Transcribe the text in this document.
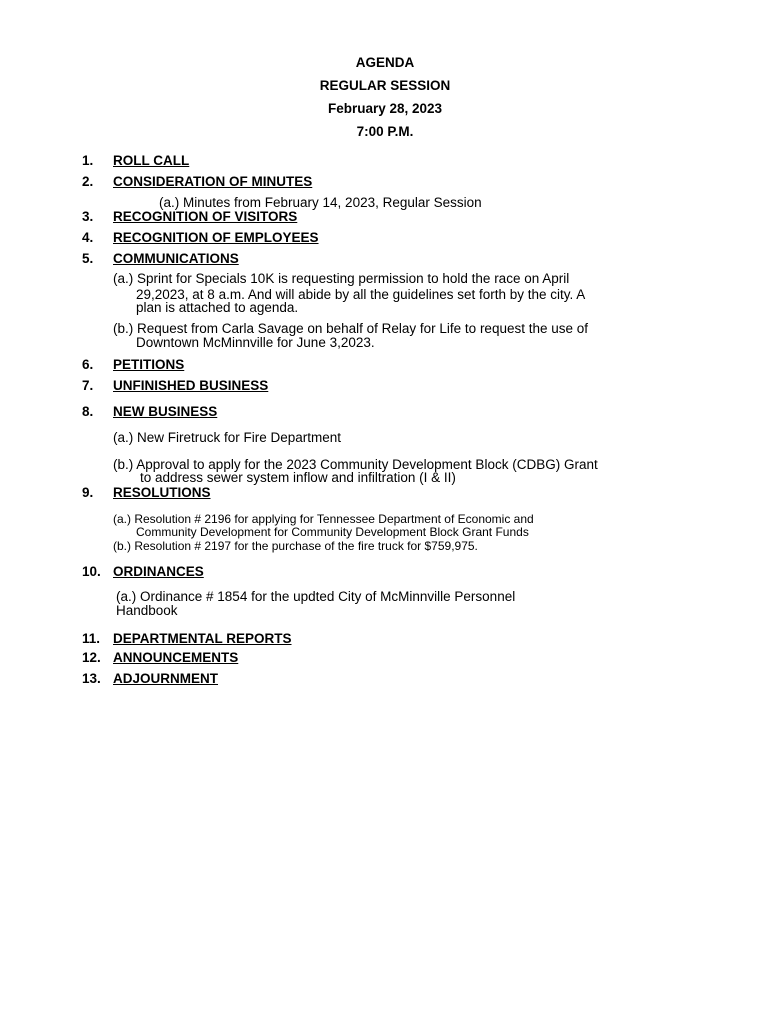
AGENDA
REGULAR SESSION
February 28, 2023
7:00 P.M.
1. ROLL CALL
2. CONSIDERATION OF MINUTES
(a.) Minutes from February 14, 2023, Regular Session
3. RECOGNITION OF VISITORS
4. RECOGNITION OF EMPLOYEES
5. COMMUNICATIONS
(a.) Sprint for Specials 10K is requesting permission to hold the race on April
29,2023, at 8 a.m. And will abide by all the guidelines set forth by the city. A
plan is attached to agenda.
(b.) Request from Carla Savage on behalf of Relay for Life to request the use of
Downtown McMinnville for June 3,2023.
6. PETITIONS
7. UNFINISHED BUSINESS
8. NEW BUSINESS
(a.) New Firetruck for Fire Department
(b.) Approval to apply for the 2023 Community Development Block (CDBG) Grant
to address sewer system inflow and infiltration (I & II)
9. RESOLUTIONS
(a.) Resolution # 2196 for applying for Tennessee Department of Economic and
Community Development for Community Development Block Grant Funds
(b.) Resolution # 2197 for the purchase of the fire truck for $759,975.
10. ORDINANCES
(a.) Ordinance # 1854 for the updted City of McMinnville Personnel
Handbook
11. DEPARTMENTAL REPORTS
12. ANNOUNCEMENTS
13. ADJOURNMENT
